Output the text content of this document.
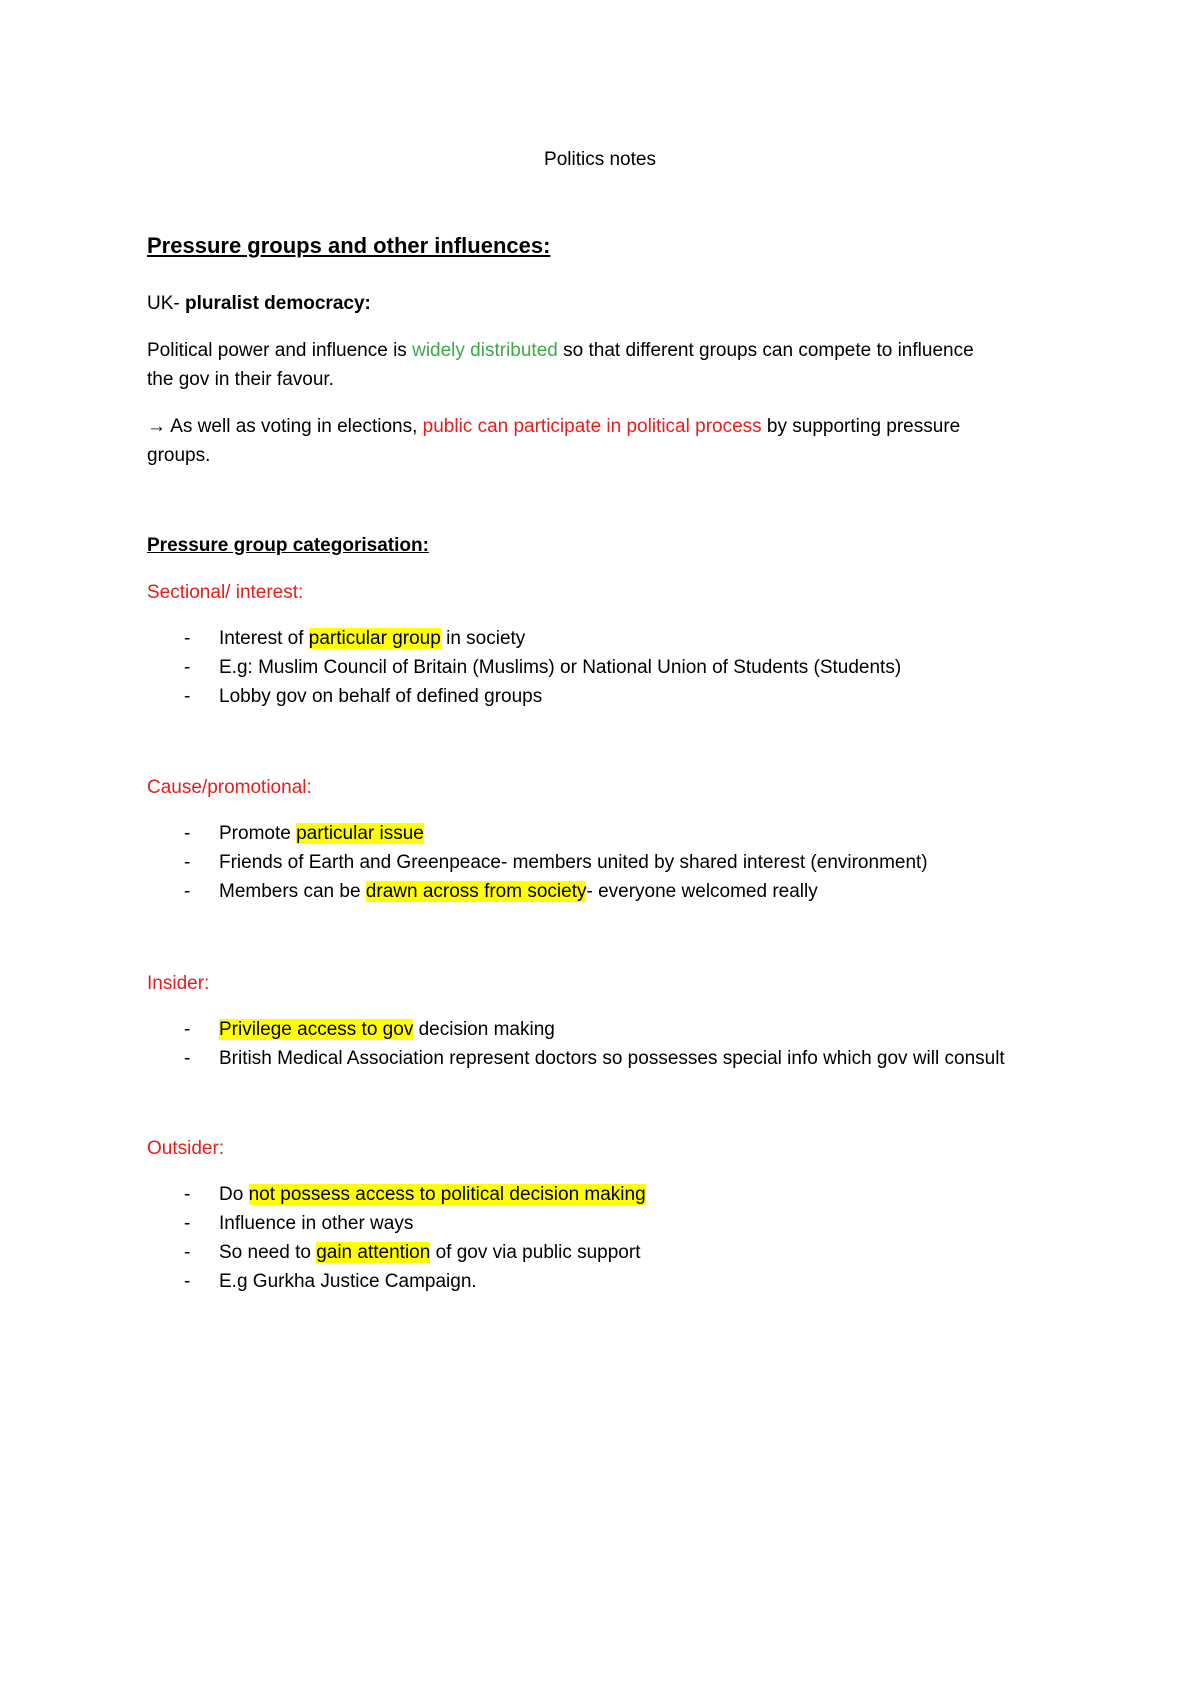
Politics notes
Pressure groups and other influences:
UK- pluralist democracy:
Political power and influence is widely distributed so that different groups can compete to influence
the gov in their favour.
→ As well as voting in elections, public can participate in political process by supporting pressure
groups.
Pressure group categorisation:
Sectional/ interest:
- Interest of particular group in society
- E.g: Muslim Council of Britain (Muslims) or National Union of Students (Students)
- Lobby gov on behalf of defined groups
Cause/promotional:
- Promote particular issue
- Friends of Earth and Greenpeace- members united by shared interest (environment)
- Members can be drawn across from society- everyone welcomed really
Insider:
- Privilege access to gov decision making
- British Medical Association represent doctors so possesses special info which gov will consult
Outsider:
- Do not possess access to political decision making
- Influence in other ways
- So need to gain attention of gov via public support
- E.g Gurkha Justice Campaign.
